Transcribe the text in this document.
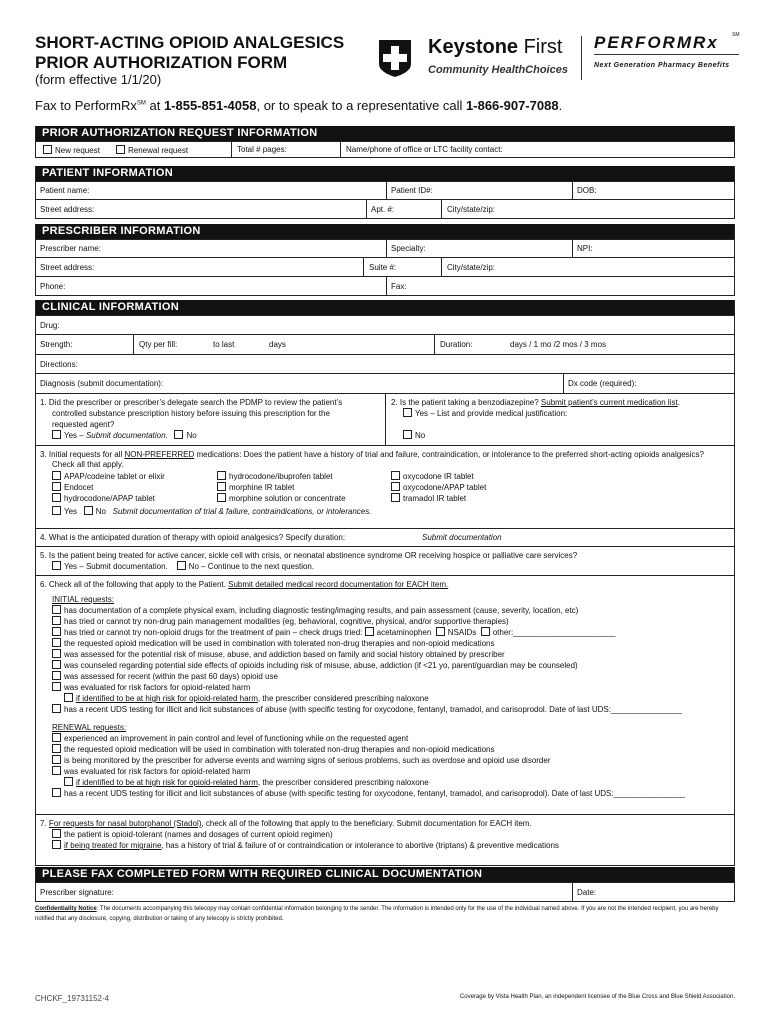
SHORT-ACTING OPIOID ANALGESICS
PRIOR AUTHORIZATION FORM
(form effective 1/1/20)
Keystone First
Community HealthChoices
PERFORMRx	SM
Next Generation Pharmacy Benefits
Fax to PerformRx℠ at 1-855-851-4058, or to speak to a representative call 1-866-907-7088.
PRIOR AUTHORIZATION REQUEST INFORMATION
New request	Renewal request	Total # pages:	Name/phone of office or LTC facility contact:
PATIENT INFORMATION
Patient name:	Patient ID#:	DOB:
Street address:	Apt. #:	City/state/zip:
PRESCRIBER INFORMATION
Prescriber name:	Specialty:	NPI:
Street address:	Suite #:	City/state/zip:
Phone:	Fax:
CLINICAL INFORMATION
Drug:
Strength:	Qty per fill:	to last	days	Duration:	days / 1 mo /2 mos / 3 mos
Directions:
Diagnosis (submit documentation):	Dx code (required):
1. Did the prescriber or prescriber’s delegate search the PDMP to review the patient’s
controlled substance prescription history before issuing this prescription for the
requested agent?
Yes – Submit documentation. No
2. Is the patient taking a benzodiazepine? Submit patient’s current medication list.
Yes – List and provide medical justification:
No
3. Initial requests for all NON-PREFERRED medications: Does the patient have a history of trial and failure, contraindication, or intolerance to the preferred short-acting opioids analgesics?
Check all that apply.
APAP/codeine tablet or elixir	hydrocodone/ibuprofen tablet	oxycodone IR tablet
Endocet	morphine IR tablet	oxycodone/APAP tablet
hydrocodone/APAP tablet	morphine solution or concentrate	tramadol IR tablet
Yes No Submit documentation of trial & failure, contraindications, or intolerances.
4. What is the anticipated duration of therapy with opioid analgesics? Specify duration:	Submit documentation
5. Is the patient being treated for active cancer, sickle cell with crisis, or neonatal abstinence syndrome OR receiving hospice or palliative care services?
Yes – Submit documentation.	No – Continue to the next question.
6. Check all of the following that apply to the Patient. Submit detailed medical record documentation for EACH item.
INITIAL requests:
has documentation of a complete physical exam, including diagnostic testing/imaging results, and pain assessment (cause, severity, location, etc)
has tried or cannot try non-drug pain management modalities (eg, behavioral, cognitive, physical, and/or supportive therapies)
has tried or cannot try non-opioid drugs for the treatment of pain – check drugs tried: acetaminophen NSAIDs other:_______________________
the requested opioid medication will be used in combination with tolerated non-drug therapies and non-opioid medications
was assessed for the potential risk of misuse, abuse, and addiction based on family and social history obtained by prescriber
was counseled regarding potential side effects of opioids including risk of misuse, abuse, addiction (if <21 yo, parent/guardian may be counseled)
was assessed for recent (within the past 60 days) opioid use
was evaluated for risk factors for opioid-related harm
if identified to be at high risk for opioid-related harm, the prescriber considered prescribing naloxone
has a recent UDS testing for illicit and licit substances of abuse (with specific testing for oxycodone, fentanyl, tramadol, and carisoprodol. Date of last UDS:________________
RENEWAL requests:
experienced an improvement in pain control and level of functioning while on the requested agent
the requested opioid medication will be used in combination with tolerated non-drug therapies and non-opioid medications
is being monitored by the prescriber for adverse events and warning signs of serious problems, such as overdose and opioid use disorder
was evaluated for risk factors for opioid-related harm
if identified to be at high risk for opioid-related harm, the prescriber considered prescribing naloxone
has a recent UDS testing for illicit and licit substances of abuse (with specific testing for oxycodone, fentanyl, tramadol, and carisoprodol). Date of last UDS:________________
7. For requests for nasal butorphanol (Stadol), check all of the following that apply to the beneficiary. Submit documentation for EACH item.
the patient is opioid-tolerant (names and dosages of current opioid regimen)
if being treated for migraine, has a history of trial & failure of or contraindication or intolerance to abortive (triptans) & preventive medications
PLEASE FAX COMPLETED FORM WITH REQUIRED CLINICAL DOCUMENTATION
Prescriber signature:	Date:
Confidentiality Notice: The documents accompanying this telecopy may contain confidential information belonging to the sender. The information is intended only for the use of the individual named above. If you are not the intended recipient, you are hereby notified that any disclosure, copying, distribution or taking of any telecopy is strictly prohibited.
CHCKF_19731152-4	Coverage by Vista Health Plan, an independent licensee of the Blue Cross and Blue Shield Association.
